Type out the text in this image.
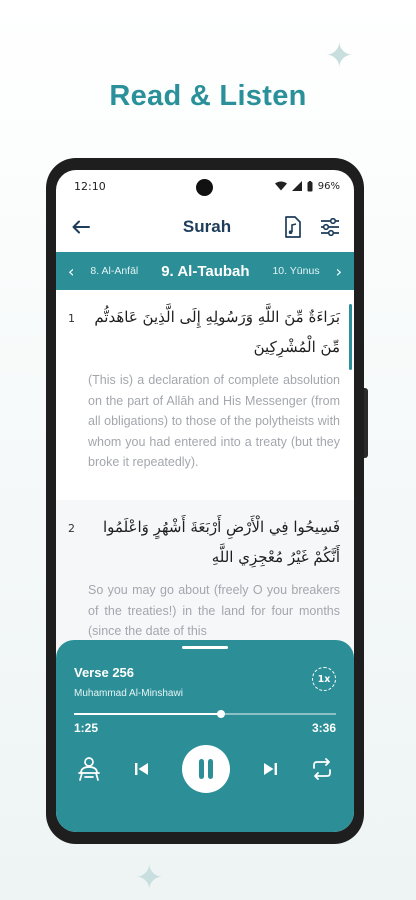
✦
✦
Read & Listen
12:10	96%
Surah
‹	8. Al-Anfāl 9. Al-Taubah 10. Yūnus ›
1	بَرَاءَةٌ مِّنَ اللَّهِ وَرَسُولِهِ إِلَى الَّذِينَ عَاهَدتُّم مِّنَ الْمُشْرِكِينَ
(This is) a declaration of complete absolution on the part of Allāh and His Messenger (from all obligations) to those of the polytheists with whom you had entered into a treaty (but they broke it repeatedly).
2	فَسِيحُوا فِي الْأَرْضِ أَرْبَعَةَ أَشْهُرٍ وَاعْلَمُوا أَنَّكُمْ غَيْرُ مُعْجِزِي اللَّهِ
So you may go about (freely O you breakers of the treaties!) in the land for four months (since the date of this
Verse 256
Muhammad Al-Minshawi
1x
1:25	3:36
